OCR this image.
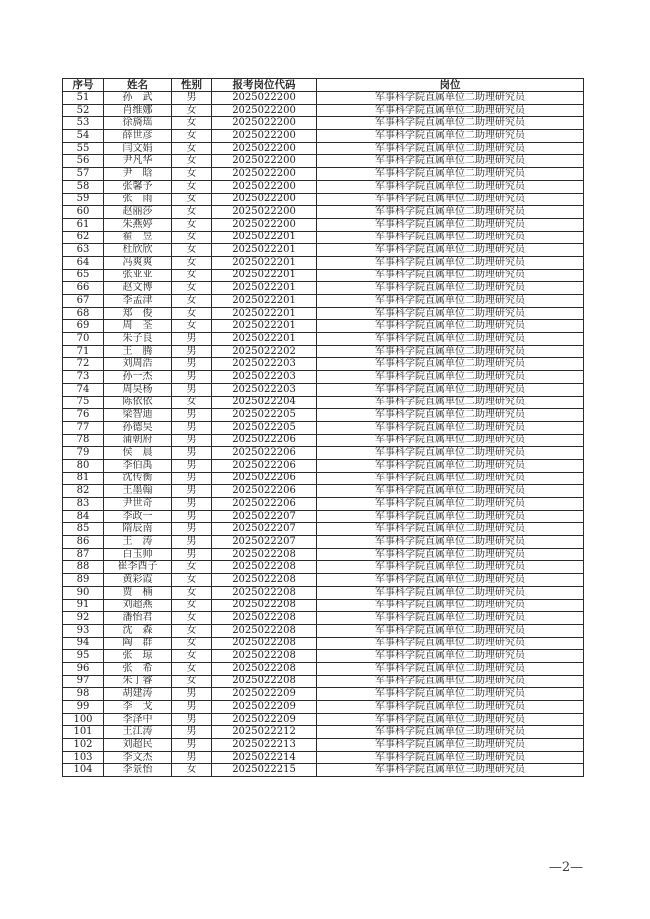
序号	姓名	性别	报考岗位代码	岗位
51	孙　武	男	2025022200	军事科学院直属单位二助理研究员
52	肖维娜	女	2025022200	军事科学院直属单位二助理研究员
53	徐旖瑶	女	2025022200	军事科学院直属单位二助理研究员
54	薛世彦	女	2025022200	军事科学院直属单位二助理研究员
55	闫文娟	女	2025022200	军事科学院直属单位二助理研究员
56	尹凡华	女	2025022200	军事科学院直属单位二助理研究员
57	尹　晗	女	2025022200	军事科学院直属单位二助理研究员
58	张馨予	女	2025022200	军事科学院直属单位二助理研究员
59	张　雨	女	2025022200	军事科学院直属单位二助理研究员
60	赵丽莎	女	2025022200	军事科学院直属单位二助理研究员
61	朱燕婷	女	2025022200	军事科学院直属单位二助理研究员
62	翟　昱	女	2025022201	军事科学院直属单位二助理研究员
63	杜欣欣	女	2025022201	军事科学院直属单位二助理研究员
64	冯爽爽	女	2025022201	军事科学院直属单位二助理研究员
65	张亚亚	女	2025022201	军事科学院直属单位二助理研究员
66	赵文博	女	2025022201	军事科学院直属单位二助理研究员
67	李孟津	女	2025022201	军事科学院直属单位二助理研究员
68	郑　俊	女	2025022201	军事科学院直属单位二助理研究员
69	周　荃	女	2025022201	军事科学院直属单位二助理研究员
70	朱子良	男	2025022201	军事科学院直属单位二助理研究员
71	王　腾	男	2025022202	军事科学院直属单位二助理研究员
72	刘周浩	男	2025022203	军事科学院直属单位二助理研究员
73	孙一杰	男	2025022203	军事科学院直属单位二助理研究员
74	周昊杨	男	2025022203	军事科学院直属单位二助理研究员
75	陈依依	女	2025022204	军事科学院直属单位二助理研究员
76	梁智迪	男	2025022205	军事科学院直属单位二助理研究员
77	孙德昊	男	2025022205	军事科学院直属单位二助理研究员
78	蒲朝府	男	2025022206	军事科学院直属单位二助理研究员
79	侯　晨	男	2025022206	军事科学院直属单位二助理研究员
80	李伯禹	男	2025022206	军事科学院直属单位二助理研究员
81	沈传衡	男	2025022206	军事科学院直属单位二助理研究员
82	王墨翰	男	2025022206	军事科学院直属单位二助理研究员
83	尹世奇	男	2025022206	军事科学院直属单位二助理研究员
84	李政一	男	2025022207	军事科学院直属单位二助理研究员
85	隋辰南	男	2025022207	军事科学院直属单位二助理研究员
86	王　涛	男	2025022207	军事科学院直属单位二助理研究员
87	白玉帅	男	2025022208	军事科学院直属单位二助理研究员
88	崔李酉子	女	2025022208	军事科学院直属单位二助理研究员
89	黄彩霞	女	2025022208	军事科学院直属单位二助理研究员
90	贾　楠	女	2025022208	军事科学院直属单位二助理研究员
91	刘超燕	女	2025022208	军事科学院直属单位二助理研究员
92	潘怡君	女	2025022208	军事科学院直属单位二助理研究员
93	沈　森	女	2025022208	军事科学院直属单位二助理研究员
94	陶　群	女	2025022208	军事科学院直属单位二助理研究员
95	张　琼	女	2025022208	军事科学院直属单位二助理研究员
96	张　希	女	2025022208	军事科学院直属单位二助理研究员
97	朱丁睿	女	2025022208	军事科学院直属单位二助理研究员
98	胡建涛	男	2025022209	军事科学院直属单位二助理研究员
99	李　戈	男	2025022209	军事科学院直属单位二助理研究员
100	李泽中	男	2025022209	军事科学院直属单位二助理研究员
101	王江涛	男	2025022212	军事科学院直属单位三助理研究员
102	刘超民	男	2025022213	军事科学院直属单位三助理研究员
103	李文杰	男	2025022214	军事科学院直属单位三助理研究员
104	李景怡	女	2025022215	军事科学院直属单位三助理研究员
—2—
